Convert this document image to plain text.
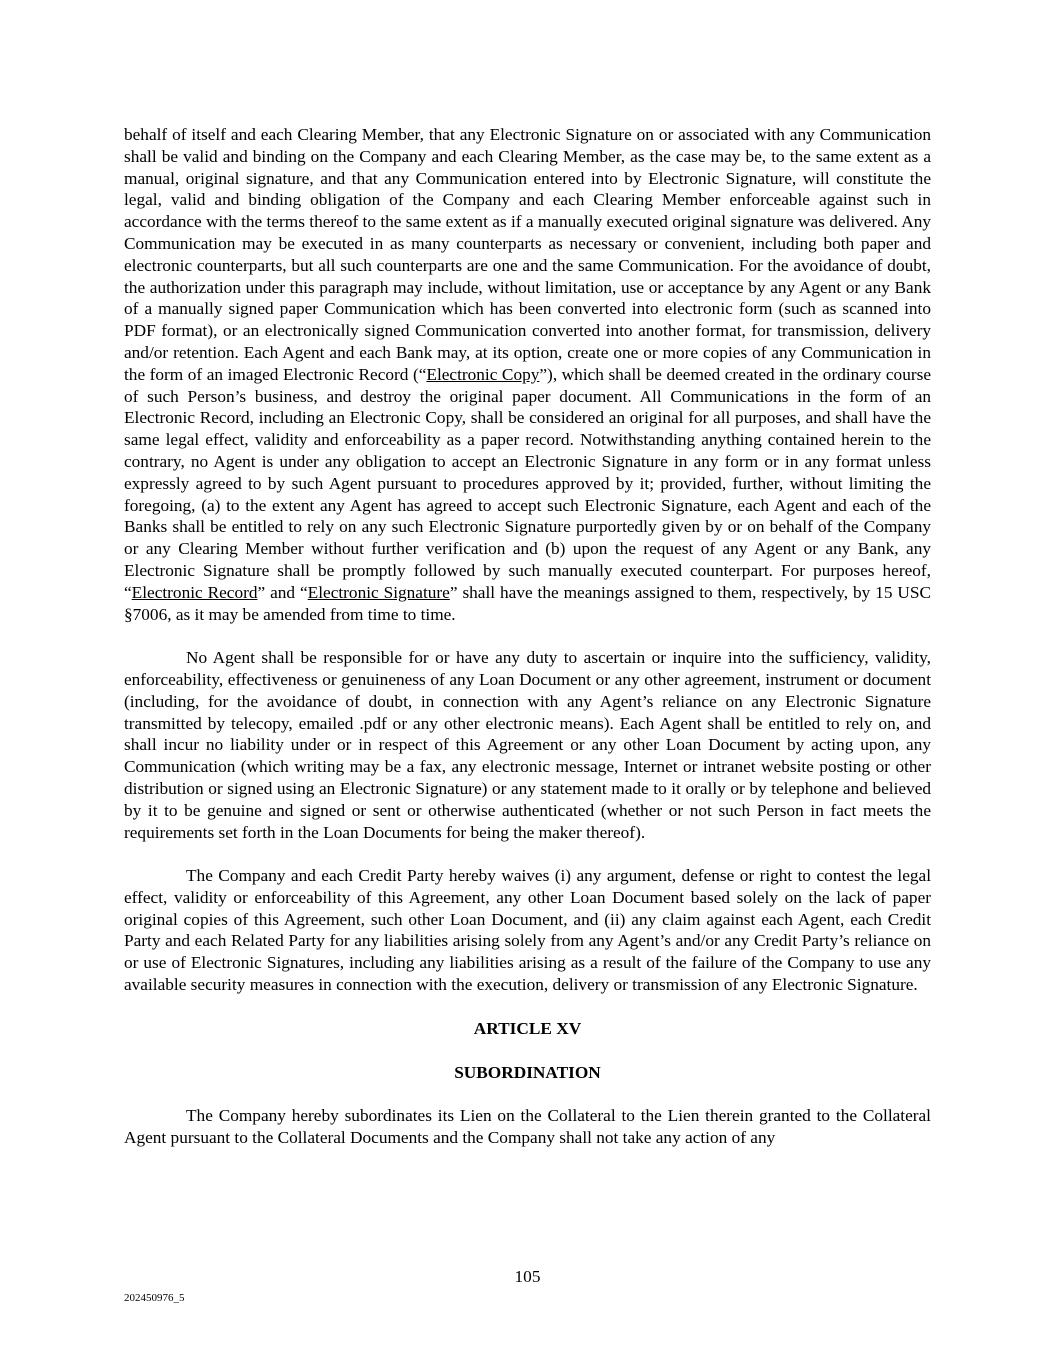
behalf of itself and each Clearing Member, that any Electronic Signature on or associated with any Communication shall be valid and binding on the Company and each Clearing Member, as the case may be, to the same extent as a manual, original signature, and that any Communication entered into by Electronic Signature, will constitute the legal, valid and binding obligation of the Company and each Clearing Member enforceable against such in accordance with the terms thereof to the same extent as if a manually executed original signature was delivered. Any Communication may be executed in as many counterparts as necessary or convenient, including both paper and electronic counterparts, but all such counterparts are one and the same Communication. For the avoidance of doubt, the authorization under this paragraph may include, without limitation, use or acceptance by any Agent or any Bank of a manually signed paper Communication which has been converted into electronic form (such as scanned into PDF format), or an electronically signed Communication converted into another format, for transmission, delivery and/or retention. Each Agent and each Bank may, at its option, create one or more copies of any Communication in the form of an imaged Electronic Record (“Electronic Copy”), which shall be deemed created in the ordinary course of such Person’s business, and destroy the original paper document. All Communications in the form of an Electronic Record, including an Electronic Copy, shall be considered an original for all purposes, and shall have the same legal effect, validity and enforceability as a paper record. Notwithstanding anything contained herein to the contrary, no Agent is under any obligation to accept an Electronic Signature in any form or in any format unless expressly agreed to by such Agent pursuant to procedures approved by it; provided, further, without limiting the foregoing, (a) to the extent any Agent has agreed to accept such Electronic Signature, each Agent and each of the Banks shall be entitled to rely on any such Electronic Signature purportedly given by or on behalf of the Company or any Clearing Member without further verification and (b) upon the request of any Agent or any Bank, any Electronic Signature shall be promptly followed by such manually executed counterpart. For purposes hereof, “Electronic Record” and “Electronic Signature” shall have the meanings assigned to them, respectively, by 15 USC §7006, as it may be amended from time to time.

No Agent shall be responsible for or have any duty to ascertain or inquire into the sufficiency, validity, enforceability, effectiveness or genuineness of any Loan Document or any other agreement, instrument or document (including, for the avoidance of doubt, in connection with any Agent’s reliance on any Electronic Signature transmitted by telecopy, emailed .pdf or any other electronic means). Each Agent shall be entitled to rely on, and shall incur no liability under or in respect of this Agreement or any other Loan Document by acting upon, any Communication (which writing may be a fax, any electronic message, Internet or intranet website posting or other distribution or signed using an Electronic Signature) or any statement made to it orally or by telephone and believed by it to be genuine and signed or sent or otherwise authenticated (whether or not such Person in fact meets the requirements set forth in the Loan Documents for being the maker thereof).

The Company and each Credit Party hereby waives (i) any argument, defense or right to contest the legal effect, validity or enforceability of this Agreement, any other Loan Document based solely on the lack of paper original copies of this Agreement, such other Loan Document, and (ii) any claim against each Agent, each Credit Party and each Related Party for any liabilities arising solely from any Agent’s and/or any Credit Party’s reliance on or use of Electronic Signatures, including any liabilities arising as a result of the failure of the Company to use any available security measures in connection with the execution, delivery or transmission of any Electronic Signature.

ARTICLE XV

SUBORDINATION

The Company hereby subordinates its Lien on the Collateral to the Lien therein granted to the Collateral Agent pursuant to the Collateral Documents and the Company shall not take any action of any

105
202450976_5
